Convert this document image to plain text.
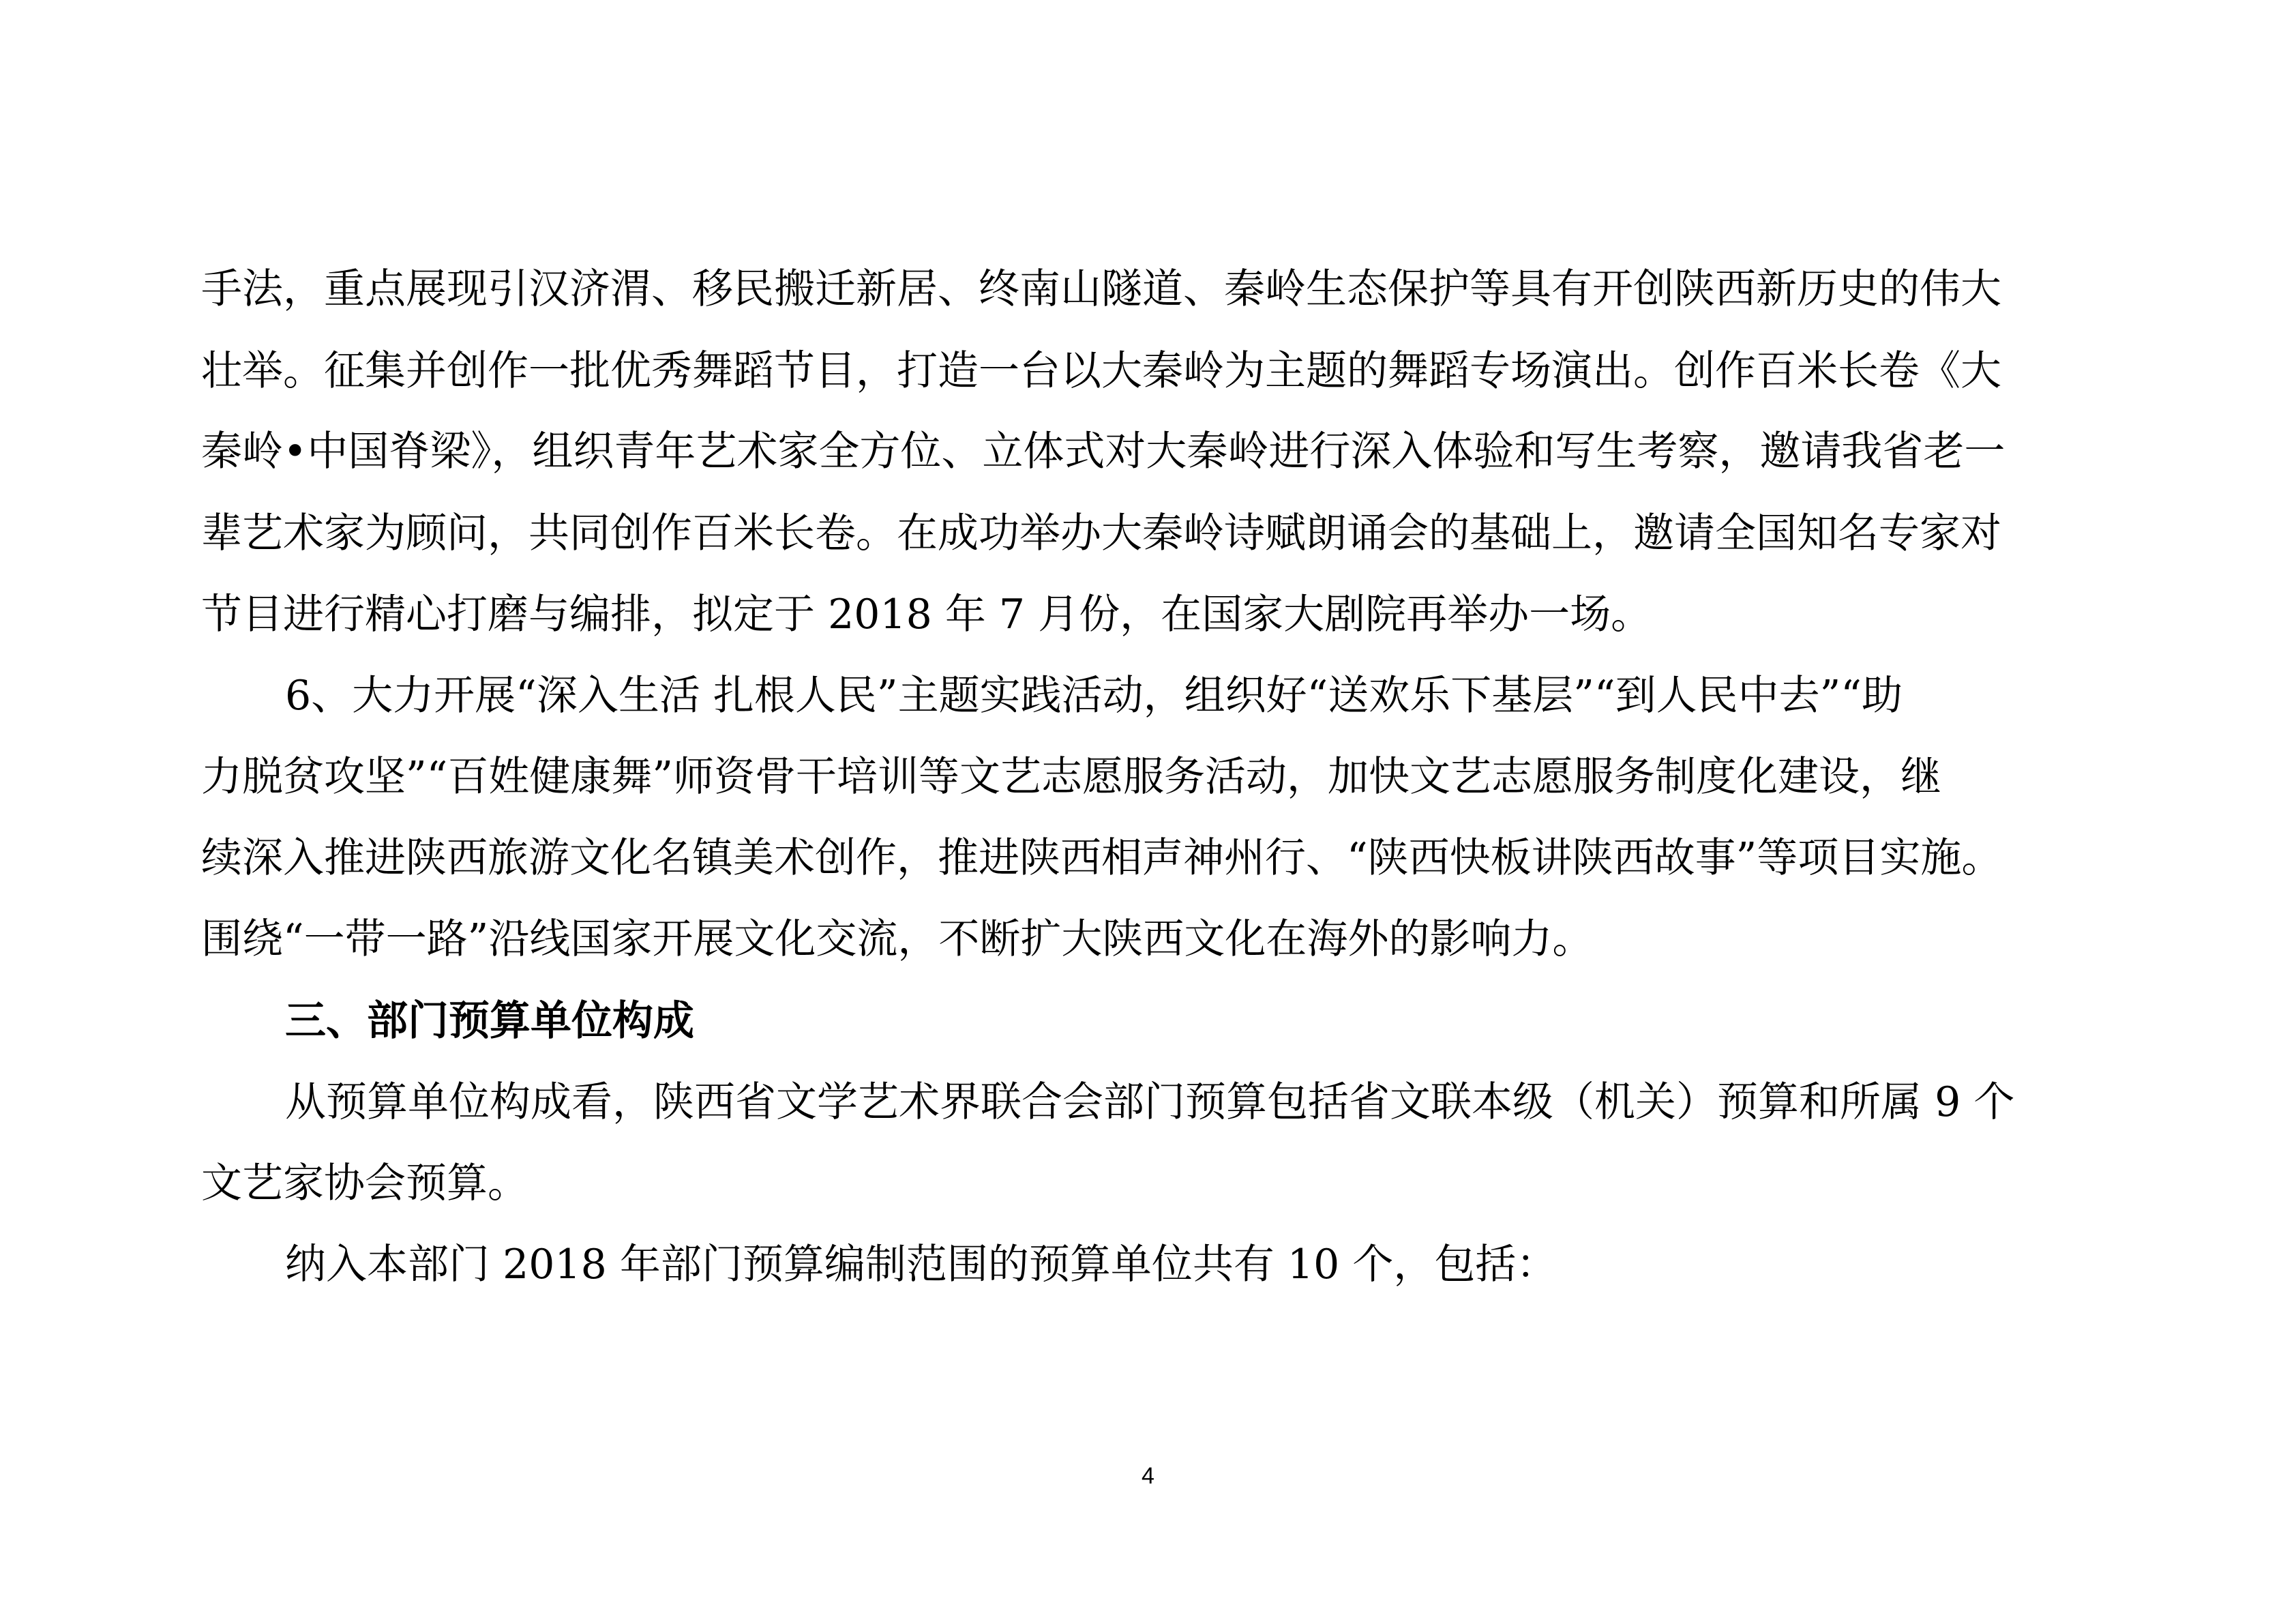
手法，重点展现引汉济渭、移民搬迁新居、终南山隧道、秦岭生态保护等具有开创陕西新历史的伟大
壮举。征集并创作一批优秀舞蹈节目，打造一台以大秦岭为主题的舞蹈专场演出。创作百米长卷《大
秦岭•中国脊梁》，组织青年艺术家全方位、立体式对大秦岭进行深入体验和写生考察，邀请我省老一
辈艺术家为顾问，共同创作百米长卷。在成功举办大秦岭诗赋朗诵会的基础上，邀请全国知名专家对
节目进行精心打磨与编排，拟定于 2018 年 7 月份，在国家大剧院再举办一场。
6、大力开展“深入生活 扎根人民”主题实践活动，组织好“送欢乐下基层”“到人民中去”“助
力脱贫攻坚”“百姓健康舞”师资骨干培训等文艺志愿服务活动，加快文艺志愿服务制度化建设，继
续深入推进陕西旅游文化名镇美术创作，推进陕西相声神州行、“陕西快板讲陕西故事”等项目实施。
围绕“一带一路”沿线国家开展文化交流，不断扩大陕西文化在海外的影响力。
三、部门预算单位构成
从预算单位构成看，陕西省文学艺术界联合会部门预算包括省文联本级（机关）预算和所属 9 个
文艺家协会预算。
纳入本部门 2018 年部门预算编制范围的预算单位共有 10 个，包括：
4
